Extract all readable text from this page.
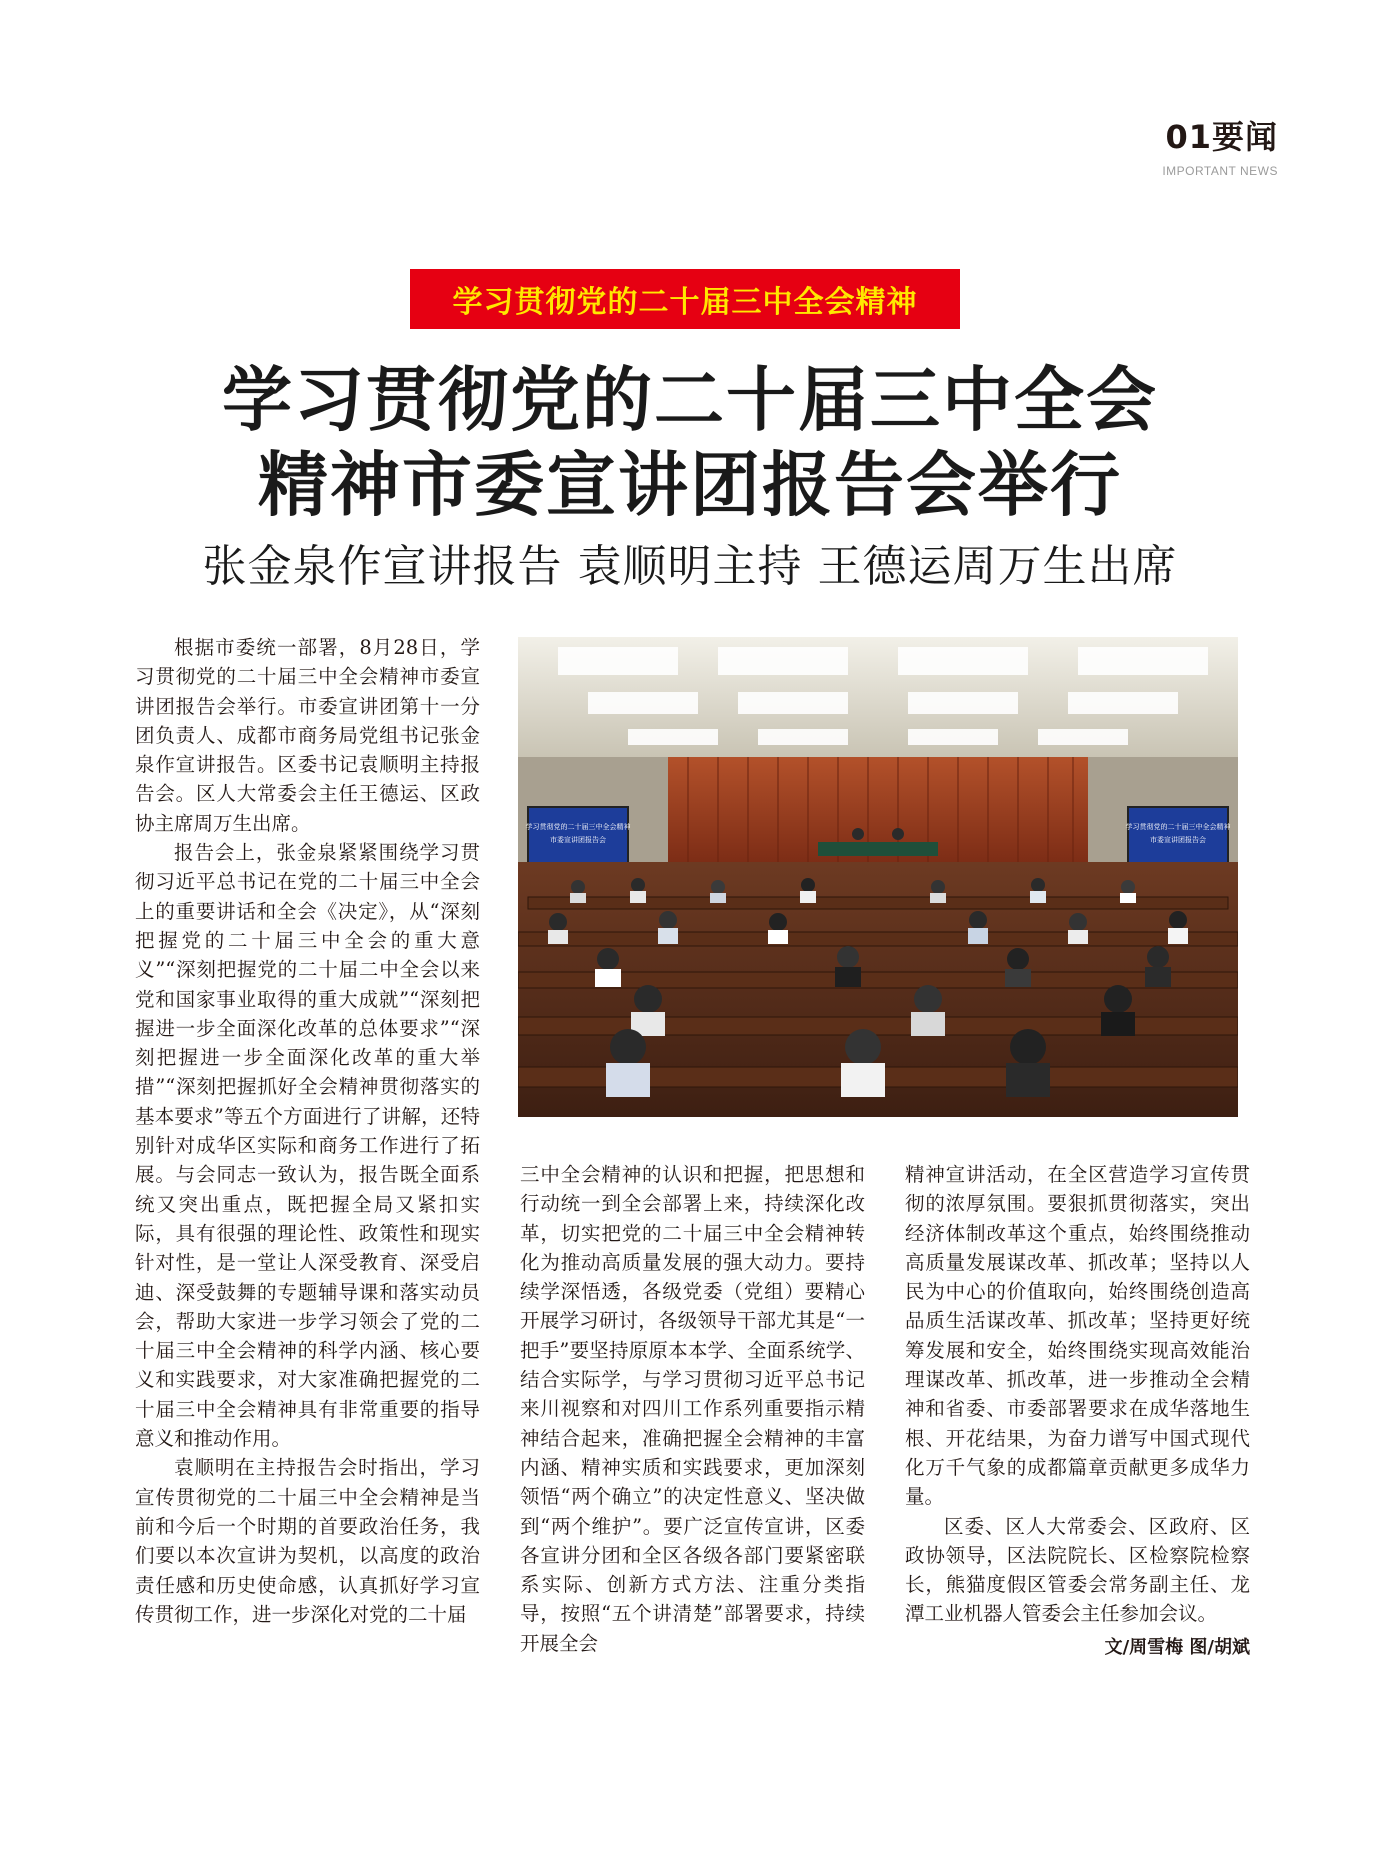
01要闻
IMPORTANT NEWS
学习贯彻党的二十届三中全会精神
学习贯彻党的二十届三中全会
精神市委宣讲团报告会举行
张金泉作宣讲报告 袁顺明主持 王德运周万生出席

根据市委统一部署，8月28日，学习贯彻党的二十届三中全会精神市委宣讲团报告会举行。市委宣讲团第十一分团负责人、成都市商务局党组书记张金泉作宣讲报告。区委书记袁顺明主持报告会。区人大常委会主任王德运、区政协主席周万生出席。

报告会上，张金泉紧紧围绕学习贯彻习近平总书记在党的二十届三中全会上的重要讲话和全会《决定》，从“深刻把握党的二十届三中全会的重大意义”“深刻把握党的二十届二中全会以来党和国家事业取得的重大成就”“深刻把握进一步全面深化改革的总体要求”“深刻把握进一步全面深化改革的重大举措”“深刻把握抓好全会精神贯彻落实的基本要求”等五个方面进行了讲解，还特别针对成华区实际和商务工作进行了拓展。与会同志一致认为，报告既全面系统又突出重点，既把握全局又紧扣实际，具有很强的理论性、政策性和现实针对性，是一堂让人深受教育、深受启迪、深受鼓舞的专题辅导课和落实动员会，帮助大家进一步学习领会了党的二十届三中全会精神的科学内涵、核心要义和实践要求，对大家准确把握党的二十届三中全会精神具有非常重要的指导意义和推动作用。

袁顺明在主持报告会时指出，学习宣传贯彻党的二十届三中全会精神是当前和今后一个时期的首要政治任务，我们要以本次宣讲为契机，以高度的政治责任感和历史使命感，认真抓好学习宣传贯彻工作，进一步深化对党的二十届

学习贯彻党的二十届三中全会精神
市委宣讲团报告会
学习贯彻党的二十届三中全会精神
市委宣讲团报告会

三中全会精神的认识和把握，把思想和行动统一到全会部署上来，持续深化改革，切实把党的二十届三中全会精神转化为推动高质量发展的强大动力。要持续学深悟透，各级党委（党组）要精心开展学习研讨，各级领导干部尤其是“一把手”要坚持原原本本学、全面系统学、结合实际学，与学习贯彻习近平总书记来川视察和对四川工作系列重要指示精神结合起来，准确把握全会精神的丰富内涵、精神实质和实践要求，更加深刻领悟“两个确立”的决定性意义、坚决做到“两个维护”。要广泛宣传宣讲，区委各宣讲分团和全区各级各部门要紧密联系实际、创新方式方法、注重分类指导，按照“五个讲清楚”部署要求，持续开展全会

精神宣讲活动，在全区营造学习宣传贯彻的浓厚氛围。要狠抓贯彻落实，突出经济体制改革这个重点，始终围绕推动高质量发展谋改革、抓改革；坚持以人民为中心的价值取向，始终围绕创造高品质生活谋改革、抓改革；坚持更好统筹发展和安全，始终围绕实现高效能治理谋改革、抓改革，进一步推动全会精神和省委、市委部署要求在成华落地生根、开花结果，为奋力谱写中国式现代化万千气象的成都篇章贡献更多成华力量。

区委、区人大常委会、区政府、区政协领导，区法院院长、区检察院检察长，熊猫度假区管委会常务副主任、龙潭工业机器人管委会主任参加会议。

文/周雪梅 图/胡斌
